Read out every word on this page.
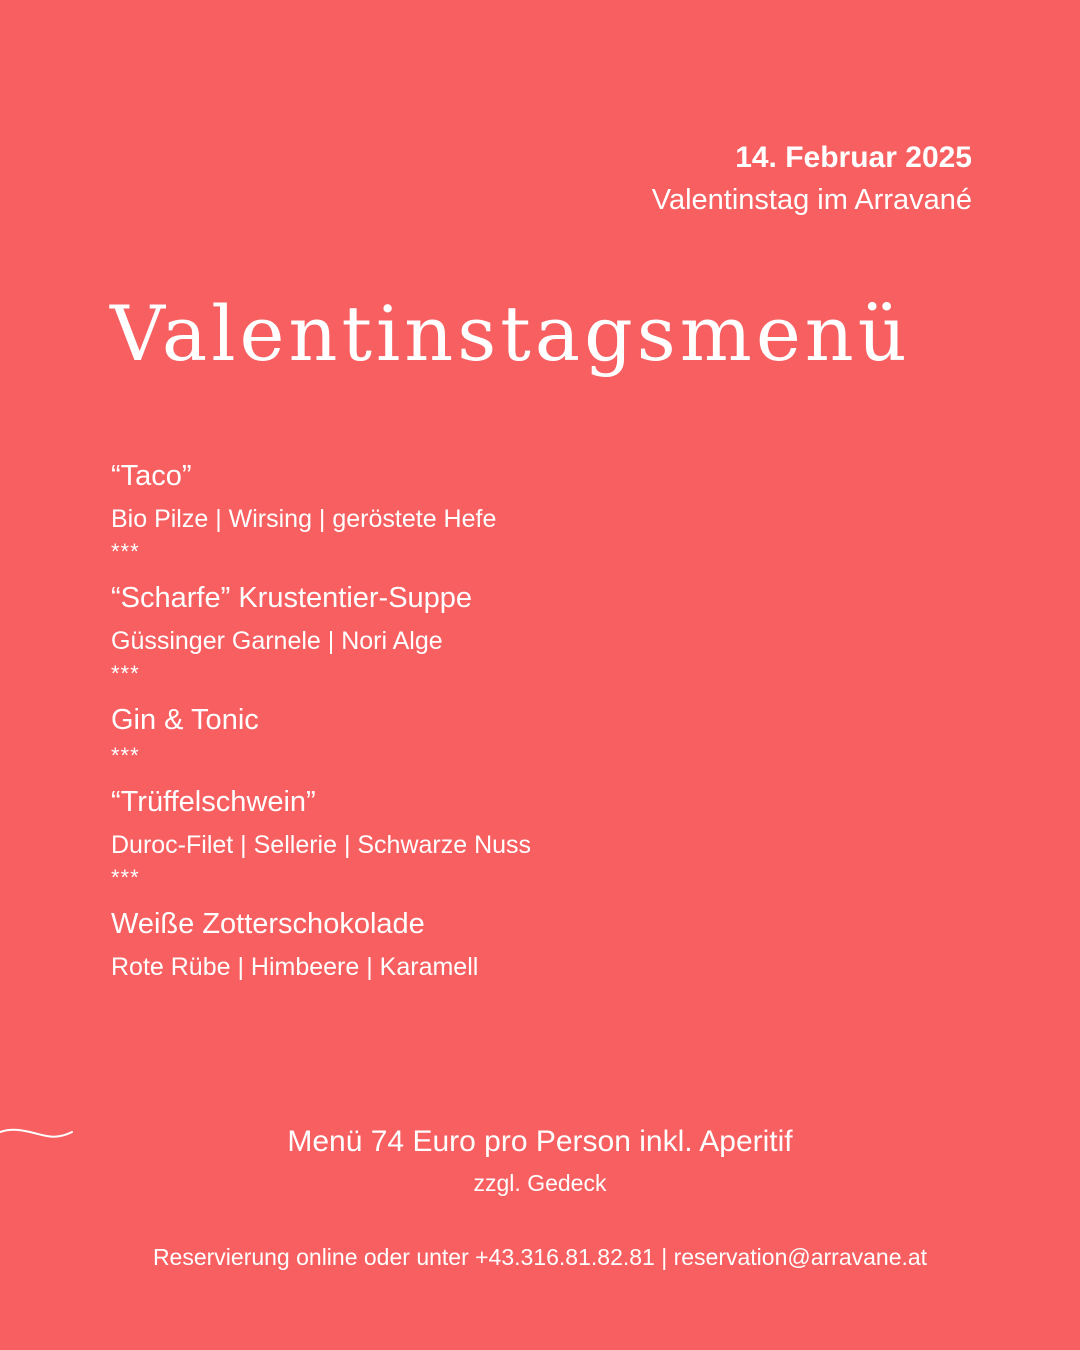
14. Februar 2025
Valentinstag im Arravané
Valentinstagsmenü
“Taco”
Bio Pilze | Wirsing | geröstete Hefe
***
“Scharfe” Krustentier-Suppe
Güssinger Garnele | Nori Alge
***
Gin & Tonic
***
“Trüffelschwein”
Duroc-Filet | Sellerie | Schwarze Nuss
***
Weiße Zotterschokolade
Rote Rübe | Himbeere | Karamell
Menü 74 Euro pro Person inkl. Aperitif
zzgl. Gedeck
Reservierung online oder unter +43.316.81.82.81 | reservation@arravane.at
